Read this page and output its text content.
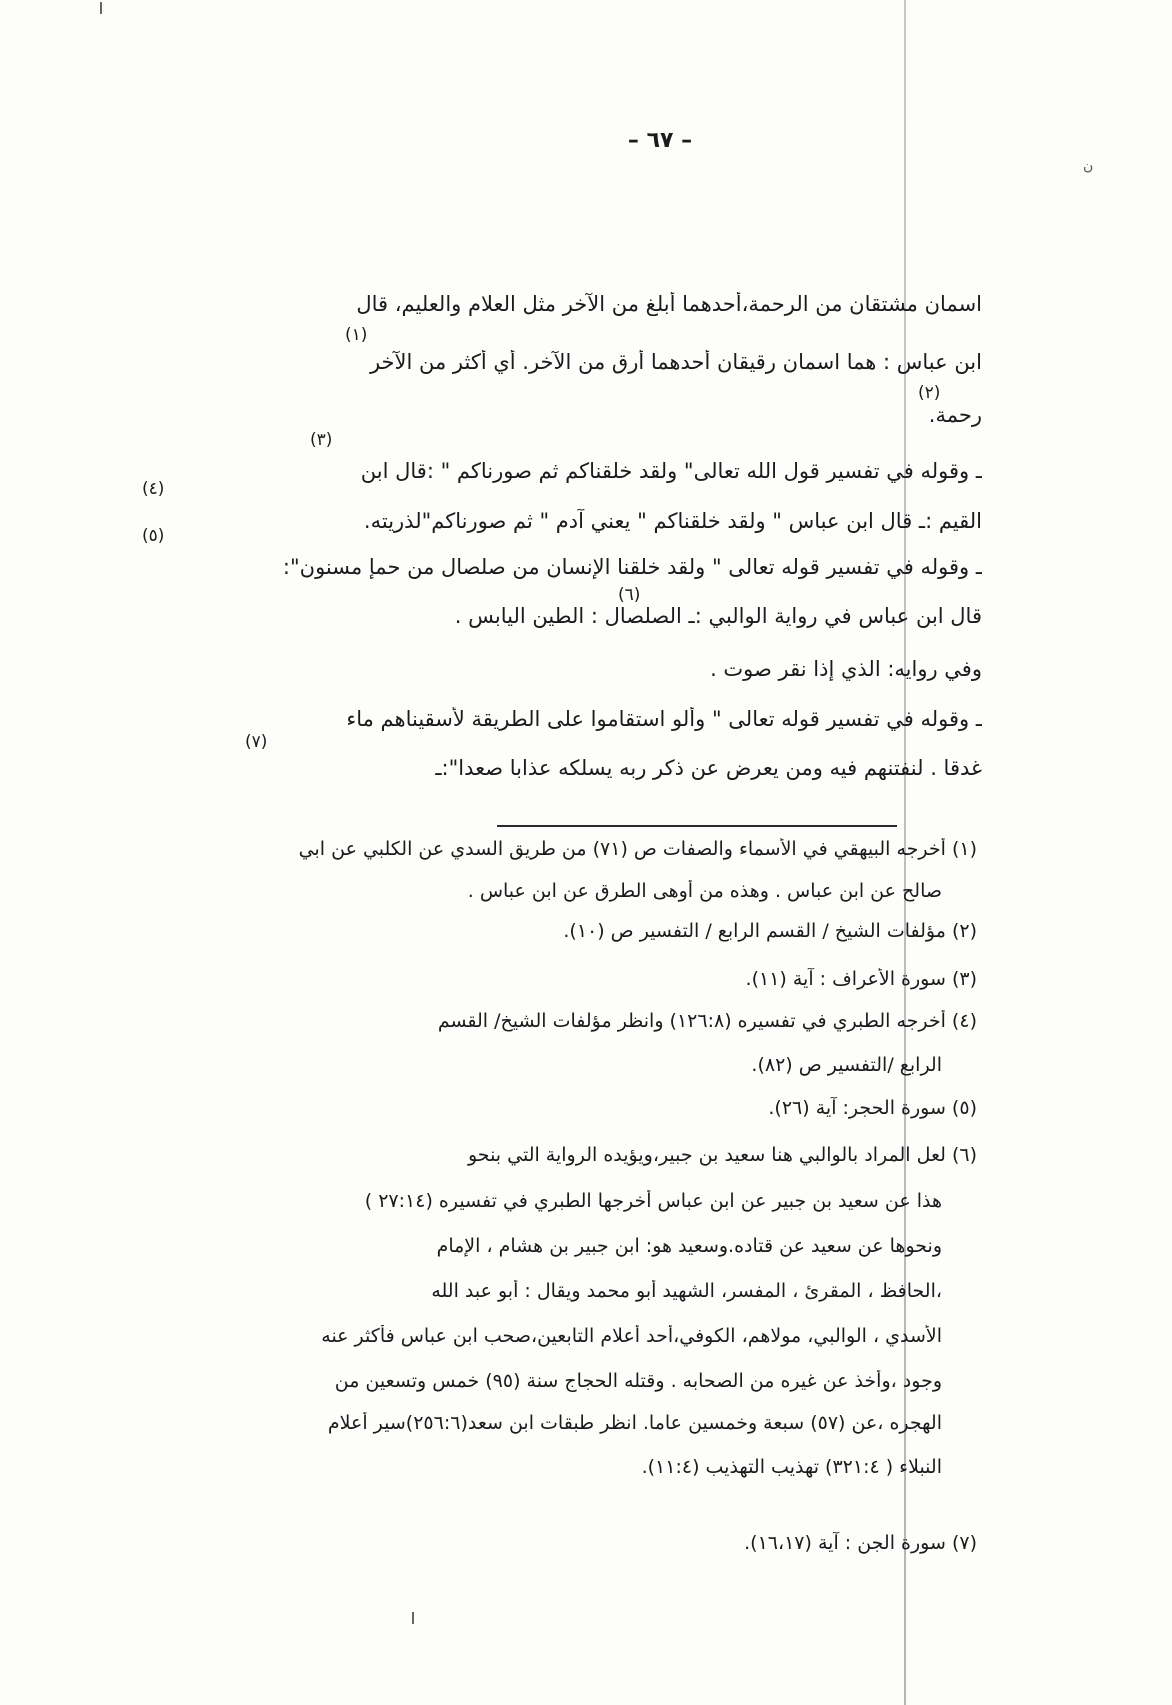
ن
– ٦٧ –
اسمان مشتقان من الرحمة،أحدهما أبلغ من الآخر مثل العلام والعليم، قال
ابن عباس : هما اسمان رقيقان أحدهما أرق من الآخر. أي أكثر من الآخر
رحمة.
ـ وقوله في تفسير قول الله تعالى" ولقد خلقناكم ثم صورناكم " :قال ابن
القيم :ـ قال ابن عباس " ولقد خلقناكم " يعني آدم " ثم صورناكم"لذريته.
ـ وقوله في تفسير قوله تعالى " ولقد خلقنا الإنسان من صلصال من حمإ مسنون":
قال ابن عباس في رواية الوالبي :ـ الصلصال : الطين اليابس .
وفي روايه: الذي إذا نقر صوت .
ـ وقوله في تفسير قوله تعالى " وألو استقاموا على الطريقة لأسقيناهم ماء
غدقا . لنفتنهم فيه ومن يعرض عن ذكر ربه يسلكه عذابا صعدا":ـ
(١)
(٢)
(٣)
(٤)
(٥)
(٦)
(٧)
(١) أخرجه البيهقي في الأسماء والصفات ص (٧١) من طريق السدي عن الكلبي عن ابي
صالح عن ابن عباس . وهذه من أوهى الطرق عن ابن عباس .
(٢) مؤلفات الشيخ / القسم الرابع / التفسير ص (١٠).
(٣) سورة الأعراف : آية (١١).
(٤) أخرجه الطبري في تفسيره (١٢٦:٨) وانظر مؤلفات الشيخ/ القسم
الرابع /التفسير ص (٨٢).
(٥) سورة الحجر: آية (٢٦).
(٦) لعل المراد بالوالبي هنا سعيد بن جبير،ويؤيده الرواية التي بنحو
هذا عن سعيد بن جبير عن ابن عباس أخرجها الطبري في تفسيره (٢٧:١٤ )
ونحوها عن سعيد عن قتاده.وسعيد هو: ابن جبير بن هشام ، الإمام
،الحافظ ، المقرئ ، المفسر، الشهيد أبو محمد ويقال : أبو عبد الله
الأسدي ، الوالبي، مولاهم، الكوفي،أحد أعلام التابعين،صحب ابن عباس فأكثر عنه
وجود ،وأخذ عن غيره من الصحابه . وقتله الحجاج سنة (٩٥) خمس وتسعين من
الهجره ،عن (٥٧) سبعة وخمسين عاما. انظر طبقات ابن سعد(٢٥٦:٦)سير أعلام
النبلاء ( ٣٢١:٤) تهذيب التهذيب (١١:٤).
(٧) سورة الجن : آية (١٦،١٧).
